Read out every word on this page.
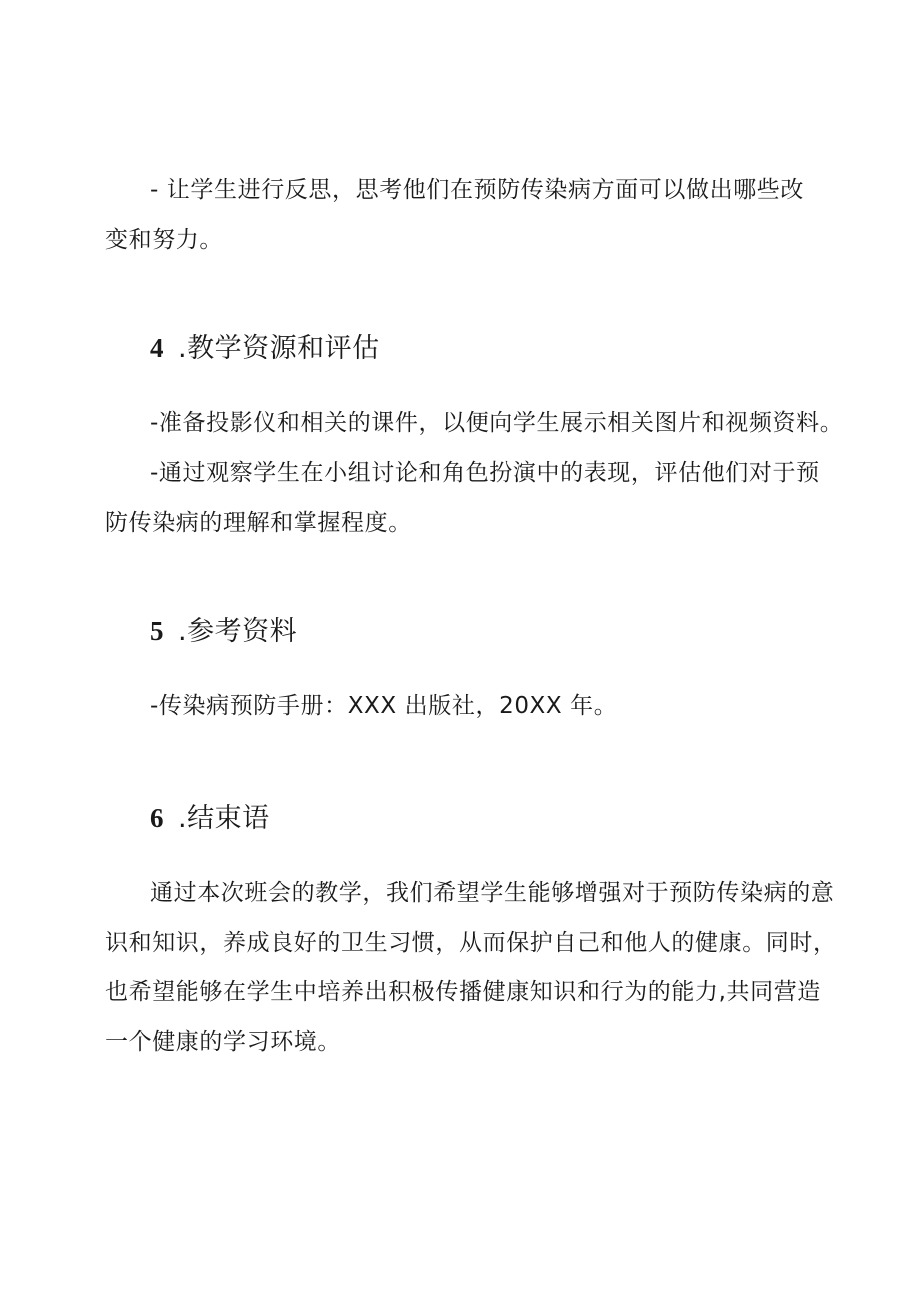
- 让学生进行反思，思考他们在预防传染病方面可以做出哪些改

变和努力。

4 .教学资源和评估

-准备投影仪和相关的课件，以便向学生展示相关图片和视频资料。

-通过观察学生在小组讨论和角色扮演中的表现，评估他们对于预

防传染病的理解和掌握程度。

5 .参考资料

-传染病预防手册：XXX 出版社，20XX 年。

6 .结束语

通过本次班会的教学，我们希望学生能够增强对于预防传染病的意

识和知识，养成良好的卫生习惯，从而保护自己和他人的健康。同时，

也希望能够在学生中培养出积极传播健康知识和行为的能力,共同营造

一个健康的学习环境。
